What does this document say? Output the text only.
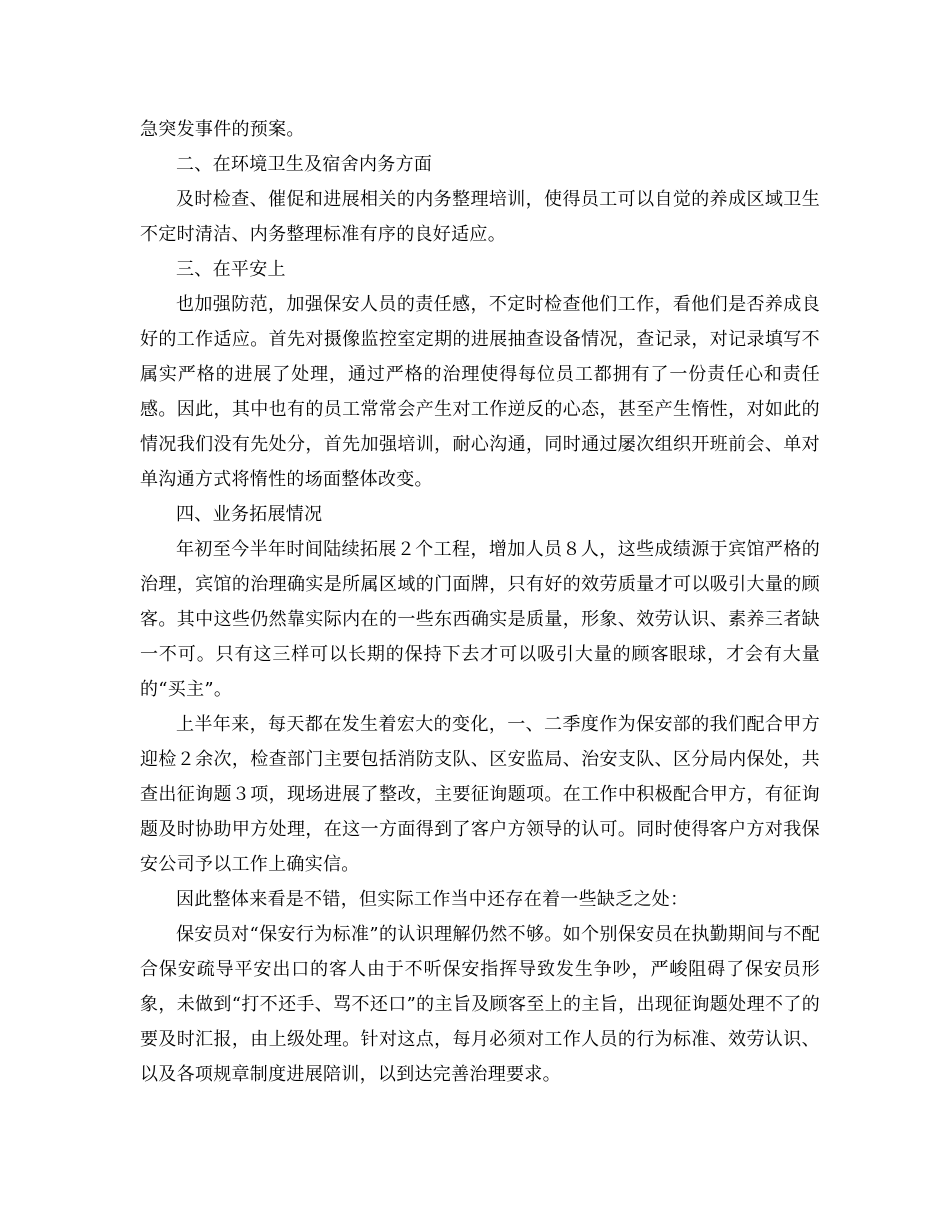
急突发事件的预案。

二、在环境卫生及宿舍内务方面

及时检查、催促和进展相关的内务整理培训，使得员工可以自觉的养成区域卫生不定时清洁、内务整理标准有序的良好适应。

三、在平安上

也加强防范，加强保安人员的责任感，不定时检查他们工作，看他们是否养成良好的工作适应。首先对摄像监控室定期的进展抽查设备情况，查记录，对记录填写不属实严格的进展了处理，通过严格的治理使得每位员工都拥有了一份责任心和责任感。因此，其中也有的员工常常会产生对工作逆反的心态，甚至产生惰性，对如此的情况我们没有先处分，首先加强培训，耐心沟通，同时通过屡次组织开班前会、单对单沟通方式将惰性的场面整体改变。

四、业务拓展情况

年初至今半年时间陆续拓展２个工程，增加人员８人，这些成绩源于宾馆严格的治理，宾馆的治理确实是所属区域的门面牌，只有好的效劳质量才可以吸引大量的顾客。其中这些仍然靠实际内在的一些东西确实是质量，形象、效劳认识、素养三者缺一不可。只有这三样可以长期的保持下去才可以吸引大量的顾客眼球，才会有大量的“买主”。

上半年来，每天都在发生着宏大的变化，一、二季度作为保安部的我们配合甲方迎检２余次，检查部门主要包括消防支队、区安监局、治安支队、区分局内保处，共查出征询题３项，现场进展了整改，主要征询题项。在工作中积极配合甲方，有征询题及时协助甲方处理，在这一方面得到了客户方领导的认可。同时使得客户方对我保安公司予以工作上确实信。

因此整体来看是不错，但实际工作当中还存在着一些缺乏之处：

保安员对“保安行为标准”的认识理解仍然不够。如个别保安员在执勤期间与不配合保安疏导平安出口的客人由于不听保安指挥导致发生争吵，严峻阻碍了保安员形象，未做到“打不还手、骂不还口”的主旨及顾客至上的主旨，出现征询题处理不了的要及时汇报，由上级处理。针对这点，每月必须对工作人员的行为标准、效劳认识、以及各项规章制度进展陪训，以到达完善治理要求。
